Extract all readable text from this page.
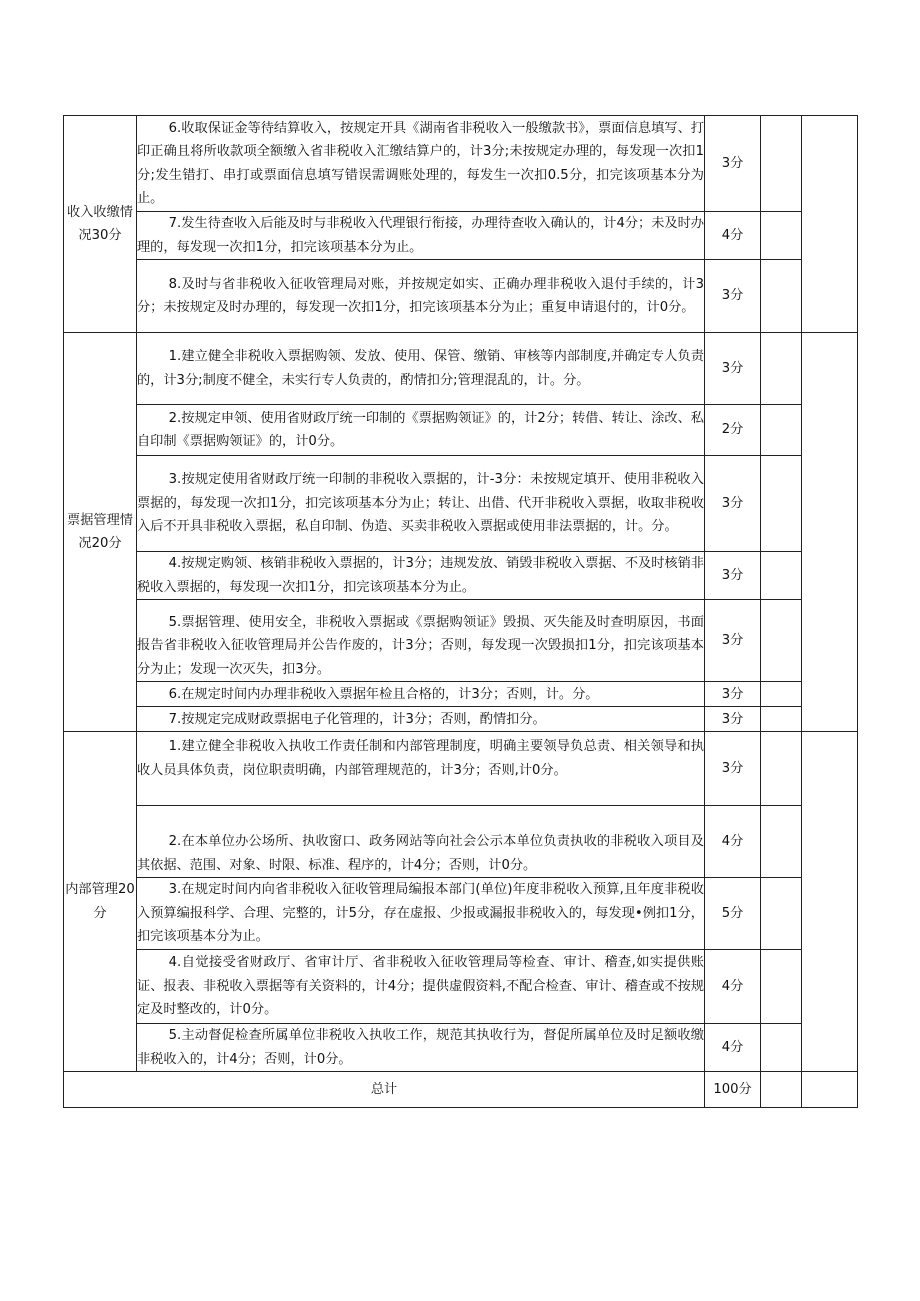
收入收缴情况30分	6.收取保证金等待结算收入，按规定开具《湖南省非税收入一般缴款书》，票面信息填写、打印正确且将所收款项全额缴入省非税收入汇缴结算户的，计3分;未按规定办理的，每发现一次扣1分;发生错打、串打或票面信息填写错误需调账处理的，每发生一次扣0.5分，扣完该项基本分为止。	3分		

	7.发生待查收入后能及时与非税收入代理银行衔接，办理待查收入确认的，计4分；未及时办理的，每发现一次扣1分，扣完该项基本分为止。	4分		

	8.及时与省非税收入征收管理局对账，并按规定如实、正确办理非税收入退付手续的，计3分；未按规定及时办理的，每发现一次扣1分，扣完该项基本分为止；重复申请退付的，计0分。	3分		
票据管理情况20分	1.建立健全非税收入票据购领、发放、使用、保管、缴销、审核等内部制度,并确定专人负责的，计3分;制度不健全，未实行专人负责的，酌情扣分;管理混乱的，计。分。	3分		

	2.按规定申领、使用省财政厅统一印制的《票据购领证》的，计2分；转借、转让、涂改、私自印制《票据购领证》的，计0分。	2分		

	3.按规定使用省财政厅统一印制的非税收入票据的，计-3分：未按规定填开、使用非税收入票据的，每发现一次扣1分，扣完该项基本分为止；转让、出借、代开非税收入票据，收取非税收入后不开具非税收入票据，私自印制、伪造、买卖非税收入票据或使用非法票据的，计。分。	3分		

	4.按规定购领、核销非税收入票据的，计3分；违规发放、销毁非税收入票据、不及时核销非税收入票据的，每发现一次扣1分，扣完该项基本分为止。	3分		

	5.票据管理、使用安全，非税收入票据或《票据购领证》毁损、灭失能及时查明原因，书面报告省非税收入征收管理局并公告作废的，计3分；否则，每发现一次毁损扣1分，扣完该项基本分为止；发现一次灭失，扣3分。	3分		

	6.在规定时间内办理非税收入票据年检且合格的，计3分；否则，计。分。	3分		

	7.按规定完成财政票据电子化管理的，计3分；否则，酌情扣分。	3分		
内部管理20分	1.建立健全非税收入执收工作责任制和内部管理制度，明确主要领导负总责、相关领导和执收人员具体负责，岗位职责明确，内部管理规范的，计3分；否则,计0分。	3分		

	2.在本单位办公场所、执收窗口、政务网站等向社会公示本单位负责执收的非税收入项目及其依据、范围、对象、时限、标准、程序的，计4分；否则，计0分。	4分		

	3.在规定时间内向省非税收入征收管理局编报本部门(单位)年度非税收入预算,且年度非税收入预算编报科学、合理、完整的，计5分，存在虚报、少报或漏报非税收入的，每发现•例扣1分，扣完该项基本分为止。	5分		

	4.自觉接受省财政厅、省审计厅、省非税收入征收管理局等检查、审计、稽查,如实提供账证、报表、非税收入票据等有关资料的，计4分；提供虚假资料,不配合检查、审计、稽查或不按规定及时整改的，计0分。	4分		

	5.主动督促检查所属单位非税收入执收工作，规范其执收行为，督促所属单位及时足额收缴非税收入的，计4分；否则，计0分。	4分		
总计		100分		
